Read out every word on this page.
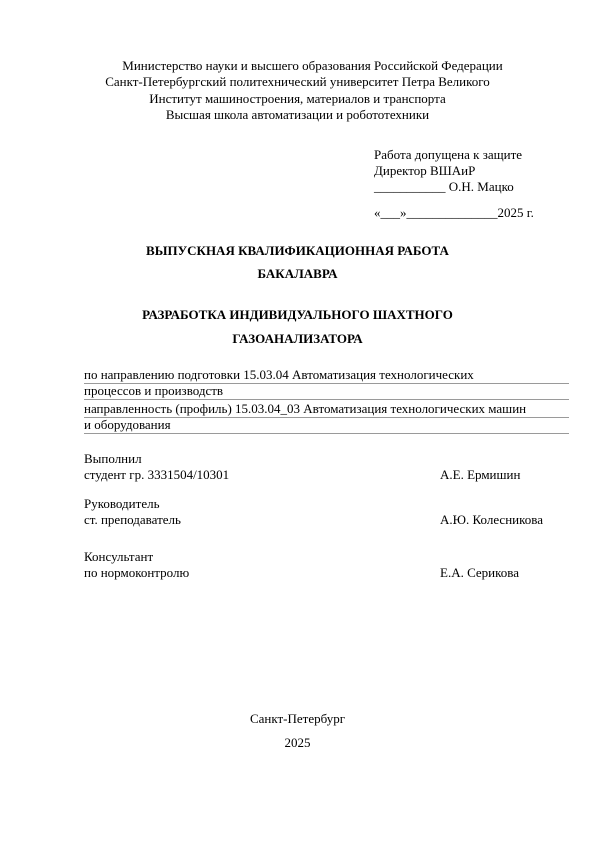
Министерство науки и высшего образования Российской Федерации
Санкт-Петербургский политехнический университет Петра Великого
Институт машиностроения, материалов и транспорта
Высшая школа автоматизации и робототехники
Работа допущена к защите
Директор ВШАиР
___________ О.Н. Мацко
«___»______________2025 г.
ВЫПУСКНАЯ КВАЛИФИКАЦИОННАЯ РАБОТА
БАКАЛАВРА
РАЗРАБОТКА ИНДИВИДУАЛЬНОГО ШАХТНОГО
ГАЗОАНАЛИЗАТОРА
по направлению подготовки 15.03.04 Автоматизация технологических
процессов и производств
направленность (профиль) 15.03.04_03 Автоматизация технологических машин
и оборудования
Выполнил
студент гр. 3331504/10301	А.Е. Ермишин
Руководитель
ст. преподаватель	А.Ю. Колесникова
Консультант
по нормоконтролю	Е.А. Серикова
Санкт-Петербург
2025
